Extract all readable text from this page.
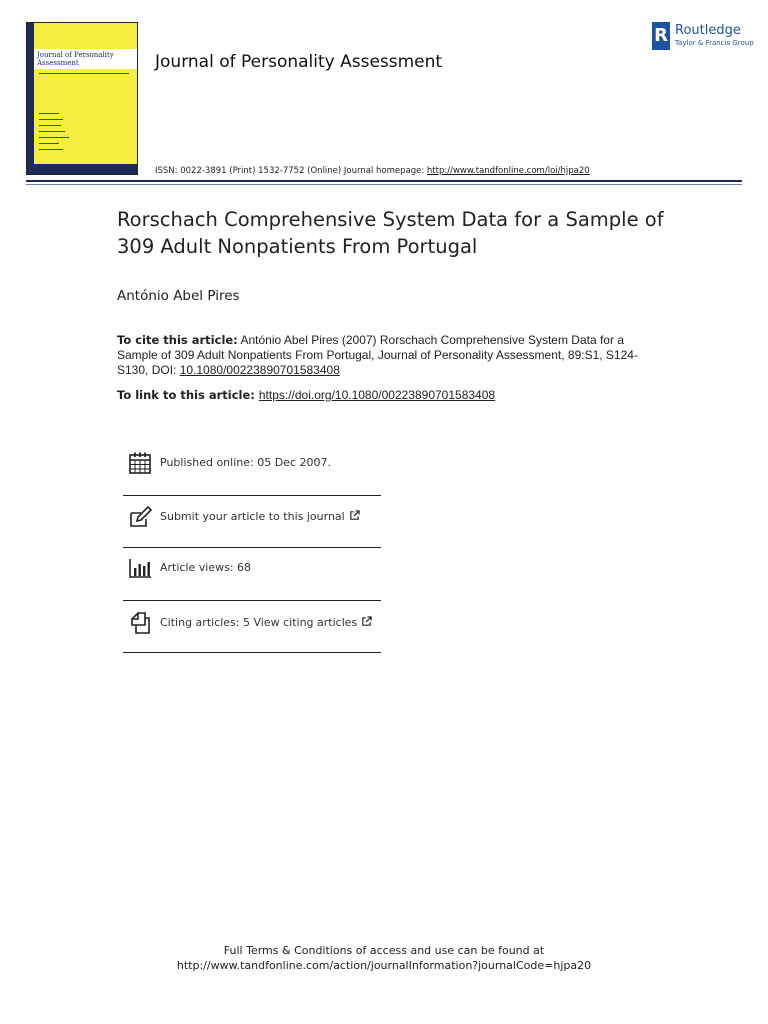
Journal of Personality Assessment	Journal of Personality Assessment
ISSN: 0022-3891 (Print) 1532-7752 (Online) Journal homepage: http://www.tandfonline.com/loi/hjpa20
R Routledge
Taylor & Francis Group
Rorschach Comprehensive System Data for a Sample of 309 Adult Nonpatients From Portugal
António Abel Pires
To cite this article: António Abel Pires (2007) Rorschach Comprehensive System Data for a Sample of 309 Adult Nonpatients From Portugal, Journal of Personality Assessment, 89:S1, S124-S130, DOI: 10.1080/00223890701583408
To link to this article: https://doi.org/10.1080/00223890701583408
Published online: 05 Dec 2007.
Submit your article to this journal
Article views: 68
Citing articles: 5 View citing articles
Full Terms & Conditions of access and use can be found at
http://www.tandfonline.com/action/journalInformation?journalCode=hjpa20
